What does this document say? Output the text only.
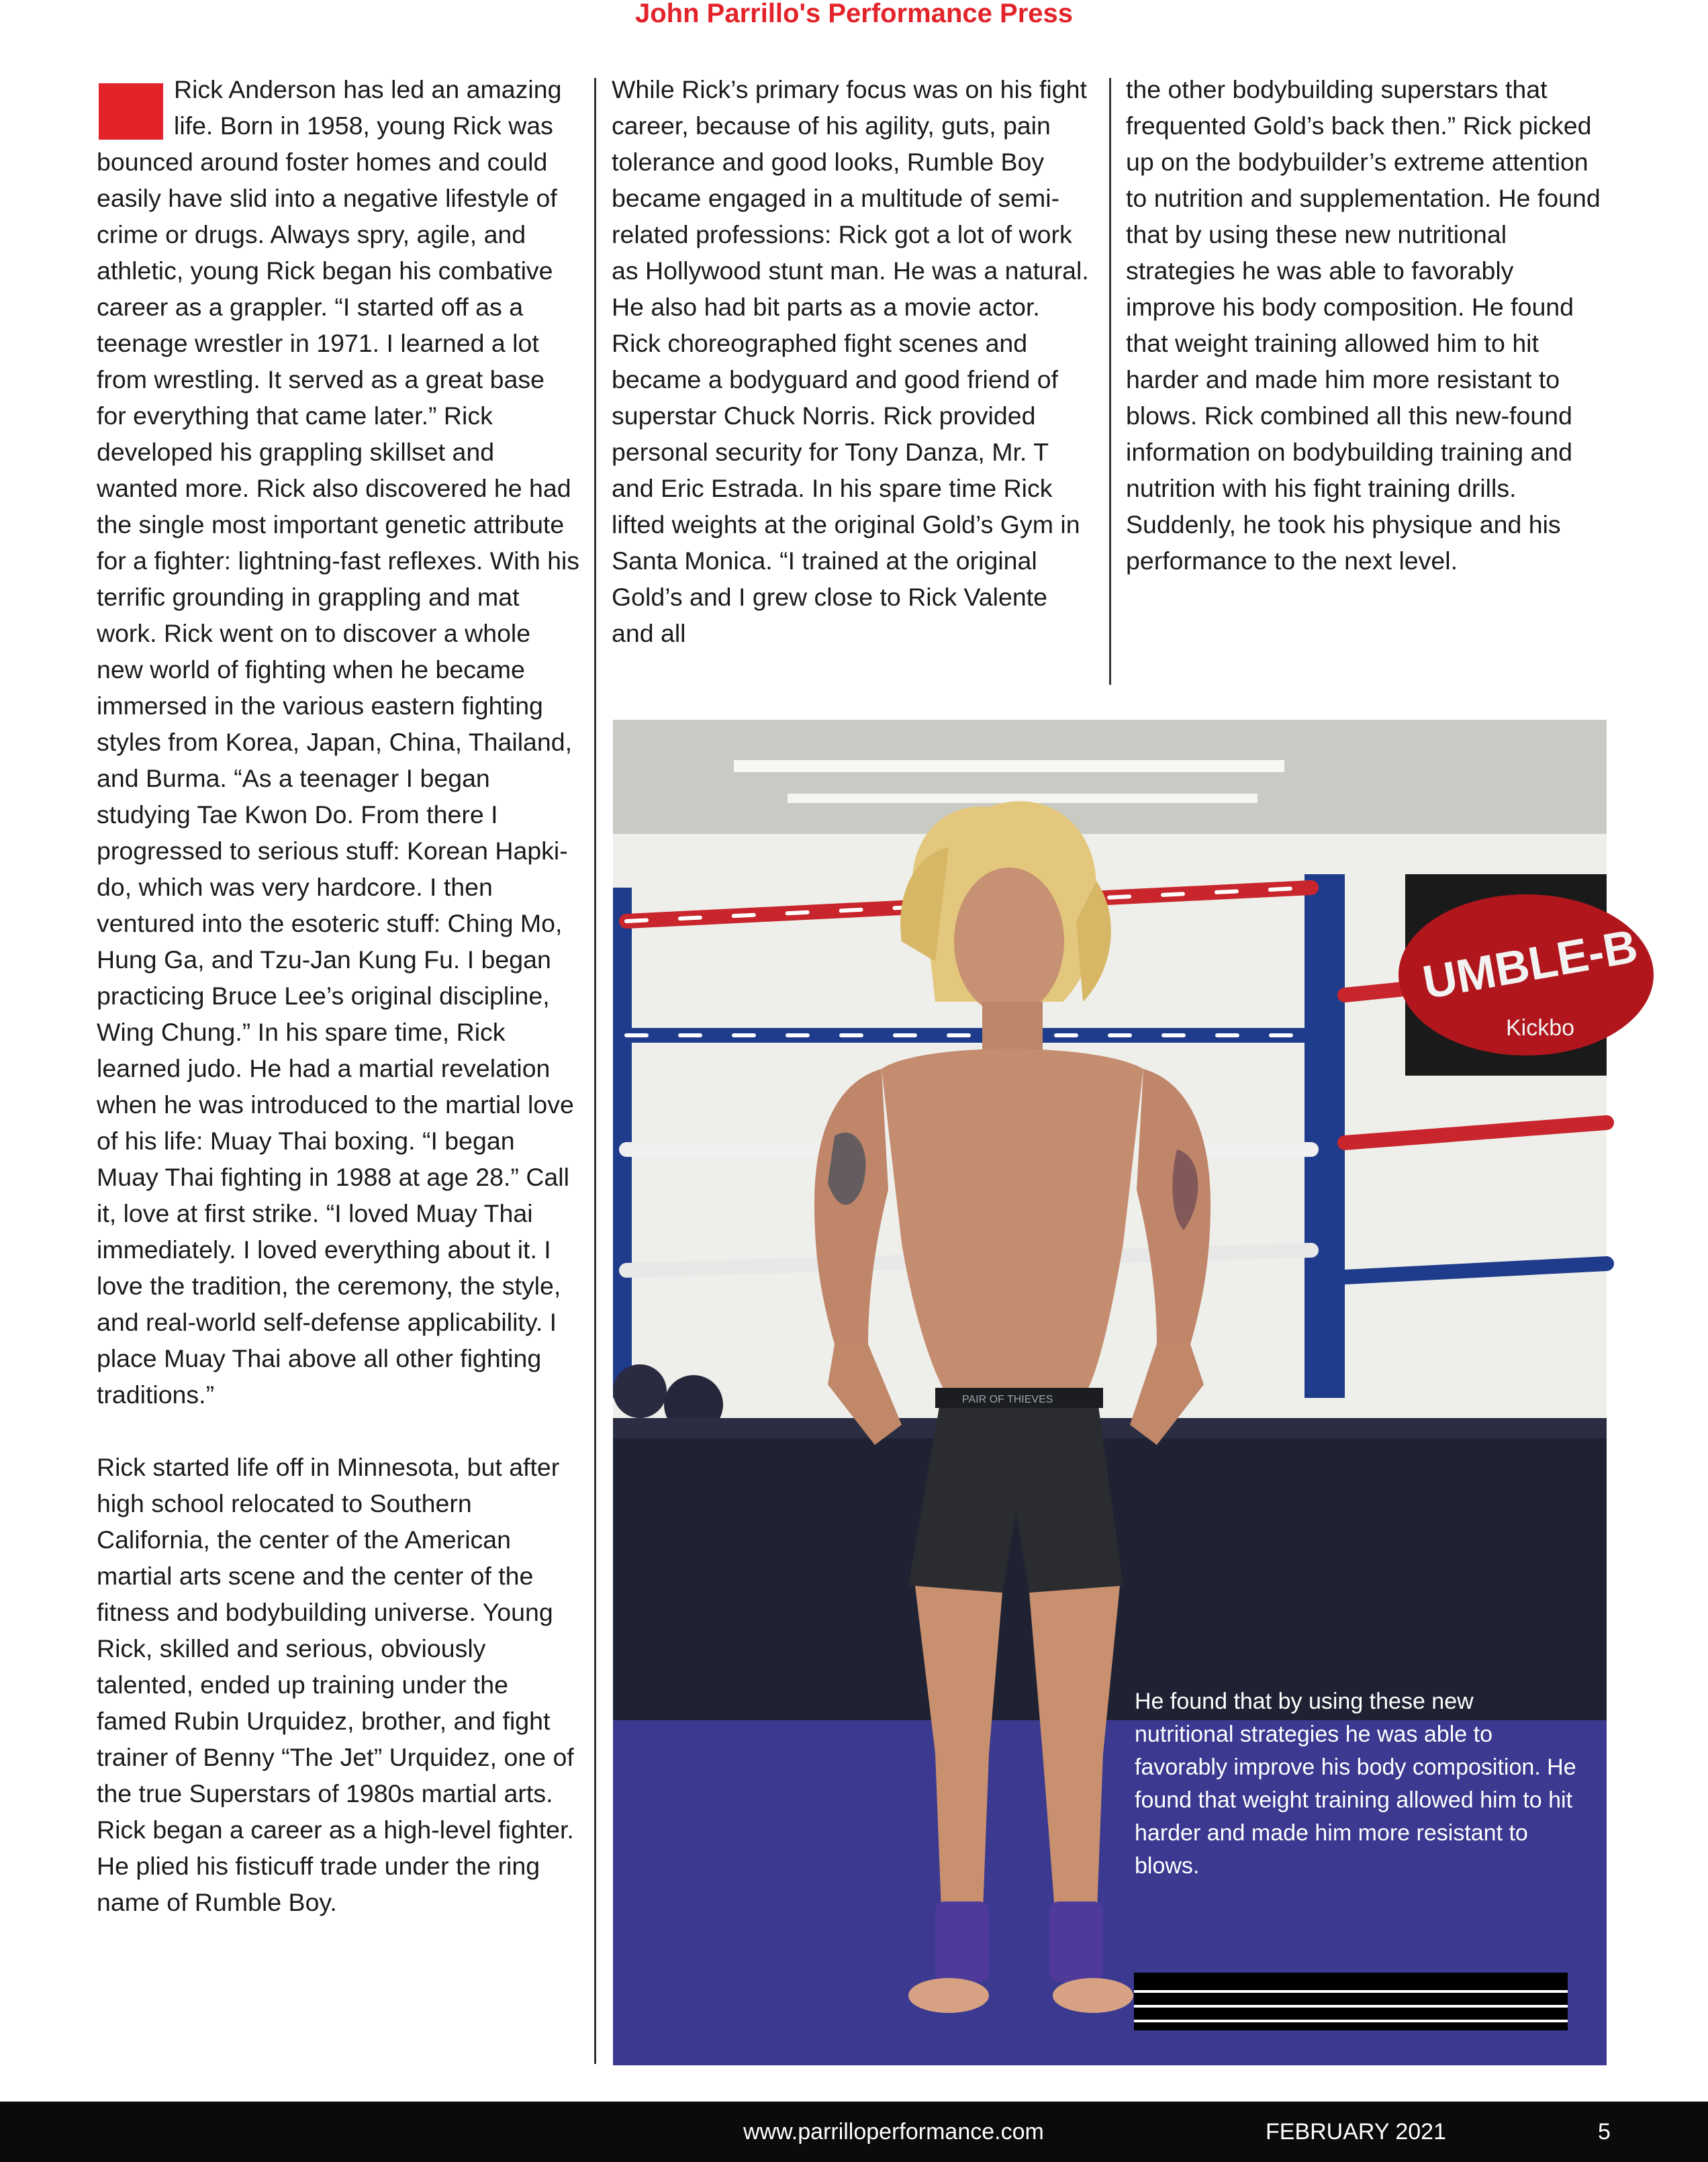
John Parrillo's Performance Press

Rick Anderson has led an amazing life. Born in 1958, young Rick was bounced around foster homes and could easily have slid into a negative lifestyle of crime or drugs. Always spry, agile, and athletic, young Rick began his combative career as a grappler. “I started off as a teenage wrestler in 1971. I learned a lot from wrestling. It served as a great base for everything that came later.” Rick developed his grappling skillset and wanted more. Rick also discovered he had the single most important genetic attribute for a fighter: lightning-fast reflexes. With his terrific grounding in grappling and mat work. Rick went on to discover a whole new world of fighting when he became immersed in the various eastern fighting styles from Korea, Japan, China, Thailand, and Burma. “As a teenager I began studying Tae Kwon Do. From there I progressed to serious stuff: Korean Hapki-do, which was very hardcore. I then ventured into the esoteric stuff: Ching Mo, Hung Ga, and Tzu-Jan Kung Fu. I began practicing Bruce Lee’s original discipline, Wing Chung.” In his spare time, Rick learned judo. He had a martial revelation when he was introduced to the martial love of his life: Muay Thai boxing. “I began Muay Thai fighting in 1988 at age 28.” Call it, love at first strike. “I loved Muay Thai immediately. I loved everything about it. I love the tradition, the ceremony, the style, and real-world self-defense applicability. I place Muay Thai above all other fighting traditions.”

Rick started life off in Minnesota, but after high school relocated to Southern California, the center of the American martial arts scene and the center of the fitness and bodybuilding universe. Young Rick, skilled and serious, obviously talented, ended up training under the famed Rubin Urquidez, brother, and fight trainer of Benny “The Jet” Urquidez, one of the true Superstars of 1980s martial arts. Rick began a career as a high-level fighter. He plied his fisticuff trade under the ring name of Rumble Boy.

While Rick’s primary focus was on his fight career, because of his agility, guts, pain tolerance and good looks, Rumble Boy became engaged in a multitude of semi-related professions: Rick got a lot of work as Hollywood stunt man. He was a natural. He also had bit parts as a movie actor. Rick choreographed fight scenes and became a bodyguard and good friend of superstar Chuck Norris. Rick provided personal security for Tony Danza, Mr. T and Eric Estrada. In his spare time Rick lifted weights at the original Gold’s Gym in Santa Monica. “I trained at the original Gold’s and I grew close to Rick Valente and all

the other bodybuilding superstars that frequented Gold’s back then.” Rick picked up on the bodybuilder’s extreme attention to nutrition and supplementation. He found that by using these new nutritional strategies he was able to favorably improve his body composition. He found that weight training allowed him to hit harder and made him more resistant to blows. Rick combined all this new-found information on bodybuilding training and nutrition with his fight training drills. Suddenly, he took his physique and his performance to the next level.

UMBLE-B
Kickbo
PAIR OF THIEVES
He found that by using these new nutritional strategies he was able to favorably improve his body composition. He found that weight training allowed him to hit harder and made him more resistant to blows.
www.parrilloperformance.com	FEBRUARY 2021	5
